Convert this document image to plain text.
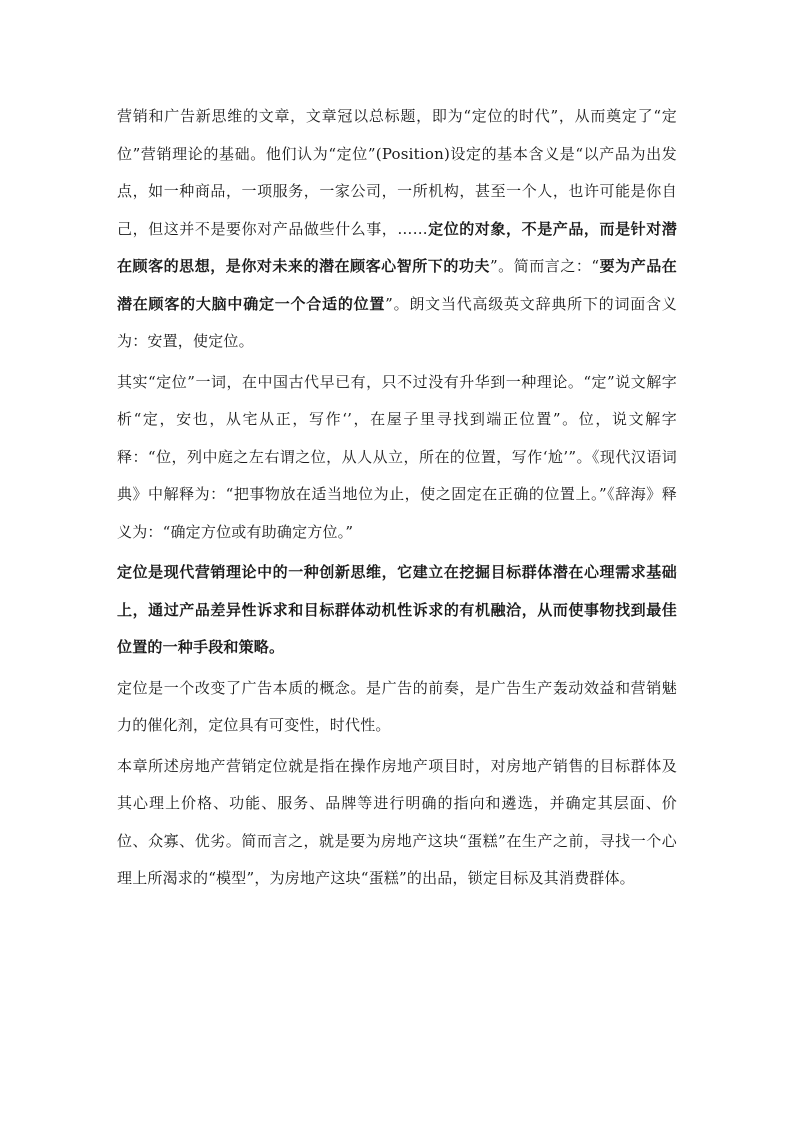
营销和广告新思维的文章，文章冠以总标题，即为“定位的时代”，从而奠定了“定位”营销理论的基础。他们认为“定位”(Position)设定的基本含义是“以产品为出发点，如一种商品，一项服务，一家公司，一所机构，甚至一个人，也许可能是你自己，但这并不是要你对产品做些什么事，……定位的对象，不是产品，而是针对潜在顾客的思想，是你对未来的潜在顾客心智所下的功夫”。简而言之：“要为产品在潜在顾客的大脑中确定一个合适的位置”。朗文当代高级英文辞典所下的词面含义为：安置，使定位。

其实“定位”一词，在中国古代早已有，只不过没有升华到一种理论。“定”说文解字析“定，安也，从宅从正，写作‘’，在屋子里寻找到端正位置”。位，说文解字释：“位，列中庭之左右谓之位，从人从立，所在的位置，写作‘尬’”。《现代汉语词典》中解释为：“把事物放在适当地位为止，使之固定在正确的位置上。”《辞海》释义为：“确定方位或有助确定方位。”

定位是现代营销理论中的一种创新思维，它建立在挖掘目标群体潜在心理需求基础上，通过产品差异性诉求和目标群体动机性诉求的有机融洽，从而使事物找到最佳位置的一种手段和策略。

定位是一个改变了广告本质的概念。是广告的前奏，是广告生产轰动效益和营销魅力的催化剂，定位具有可变性，时代性。

本章所述房地产营销定位就是指在操作房地产项目时，对房地产销售的目标群体及其心理上价格、功能、服务、品牌等进行明确的指向和遴选，并确定其层面、价位、众寡、优劣。简而言之，就是要为房地产这块“蛋糕”在生产之前，寻找一个心理上所渴求的“模型”，为房地产这块“蛋糕”的出品，锁定目标及其消费群体。
